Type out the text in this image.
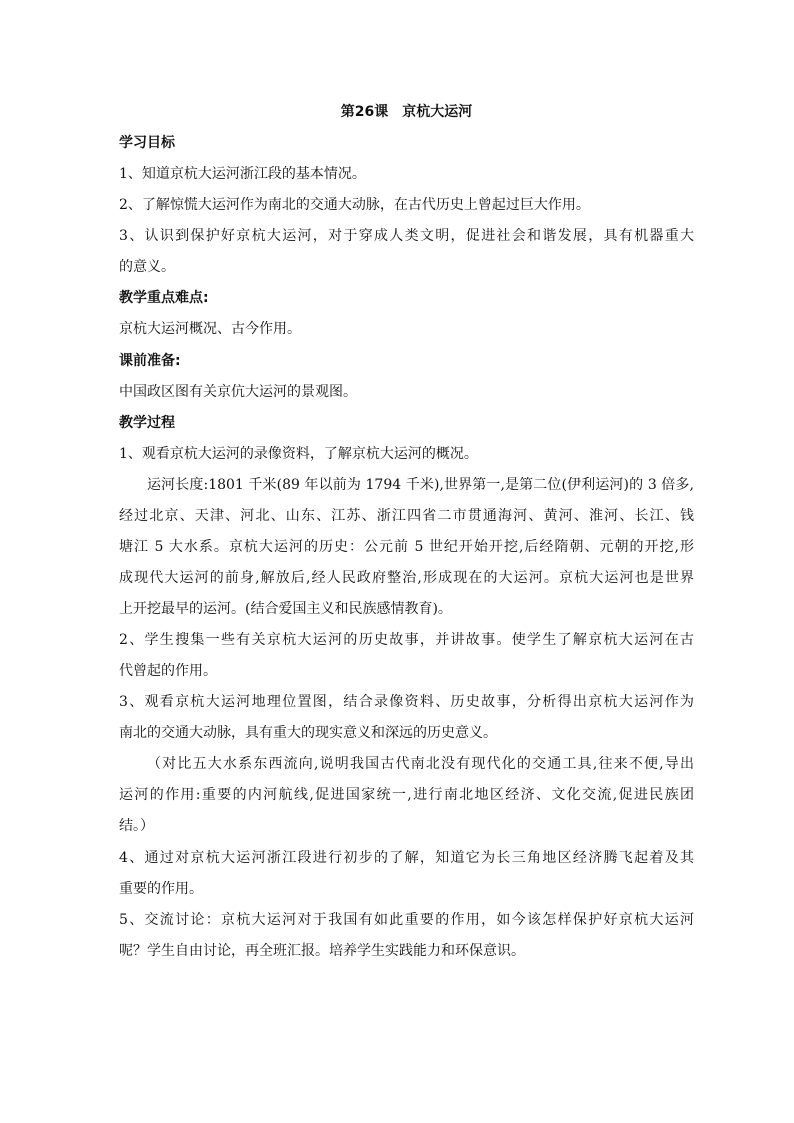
第26课　京杭大运河
学习目标
1、知道京杭大运河浙江段的基本情况。
2、了解惊慌大运河作为南北的交通大动脉，在古代历史上曾起过巨大作用。
3、认识到保护好京杭大运河，对于穿成人类文明，促进社会和谐发展，具有机器重大
的意义。
教学重点难点:
京杭大运河概况、古今作用。
课前准备:
中国政区图有关京伉大运河的景观图。
教学过程
1、观看京杭大运河的录像资料，了解京杭大运河的概况。
运河长度:1801 千米(89 年以前为 1794 千米),世界第一,是第二位(伊利运河)的 3 倍多,
经过北京、天津、河北、山东、江苏、浙江四省二市贯通海河、黄河、淮河、长江、钱
塘江 5 大水系。京杭大运河的历史：公元前 5 世纪开始开挖,后经隋朝、元朝的开挖,形
成现代大运河的前身,解放后,经人民政府整治,形成现在的大运河。京杭大运河也是世界
上开挖最早的运河。(结合爱国主义和民族感情教育)。
2、学生搜集一些有关京杭大运河的历史故事，并讲故事。使学生了解京杭大运河在古
代曾起的作用。
3、观看京杭大运河地理位置图，结合录像资料、历史故事，分析得出京杭大运河作为
南北的交通大动脉，具有重大的现实意义和深远的历史意义。
（对比五大水系东西流向,说明我国古代南北没有现代化的交通工具,往来不便,导出
运河的作用:重要的内河航线,促进国家统一,进行南北地区经济、文化交流,促进民族团
结。）
4、通过对京杭大运河浙江段进行初步的了解，知道它为长三角地区经济腾飞起着及其
重要的作用。
5、交流讨论：京杭大运河对于我国有如此重要的作用，如今该怎样保护好京杭大运河
呢？学生自由讨论，再全班汇报。培养学生实践能力和环保意识。
